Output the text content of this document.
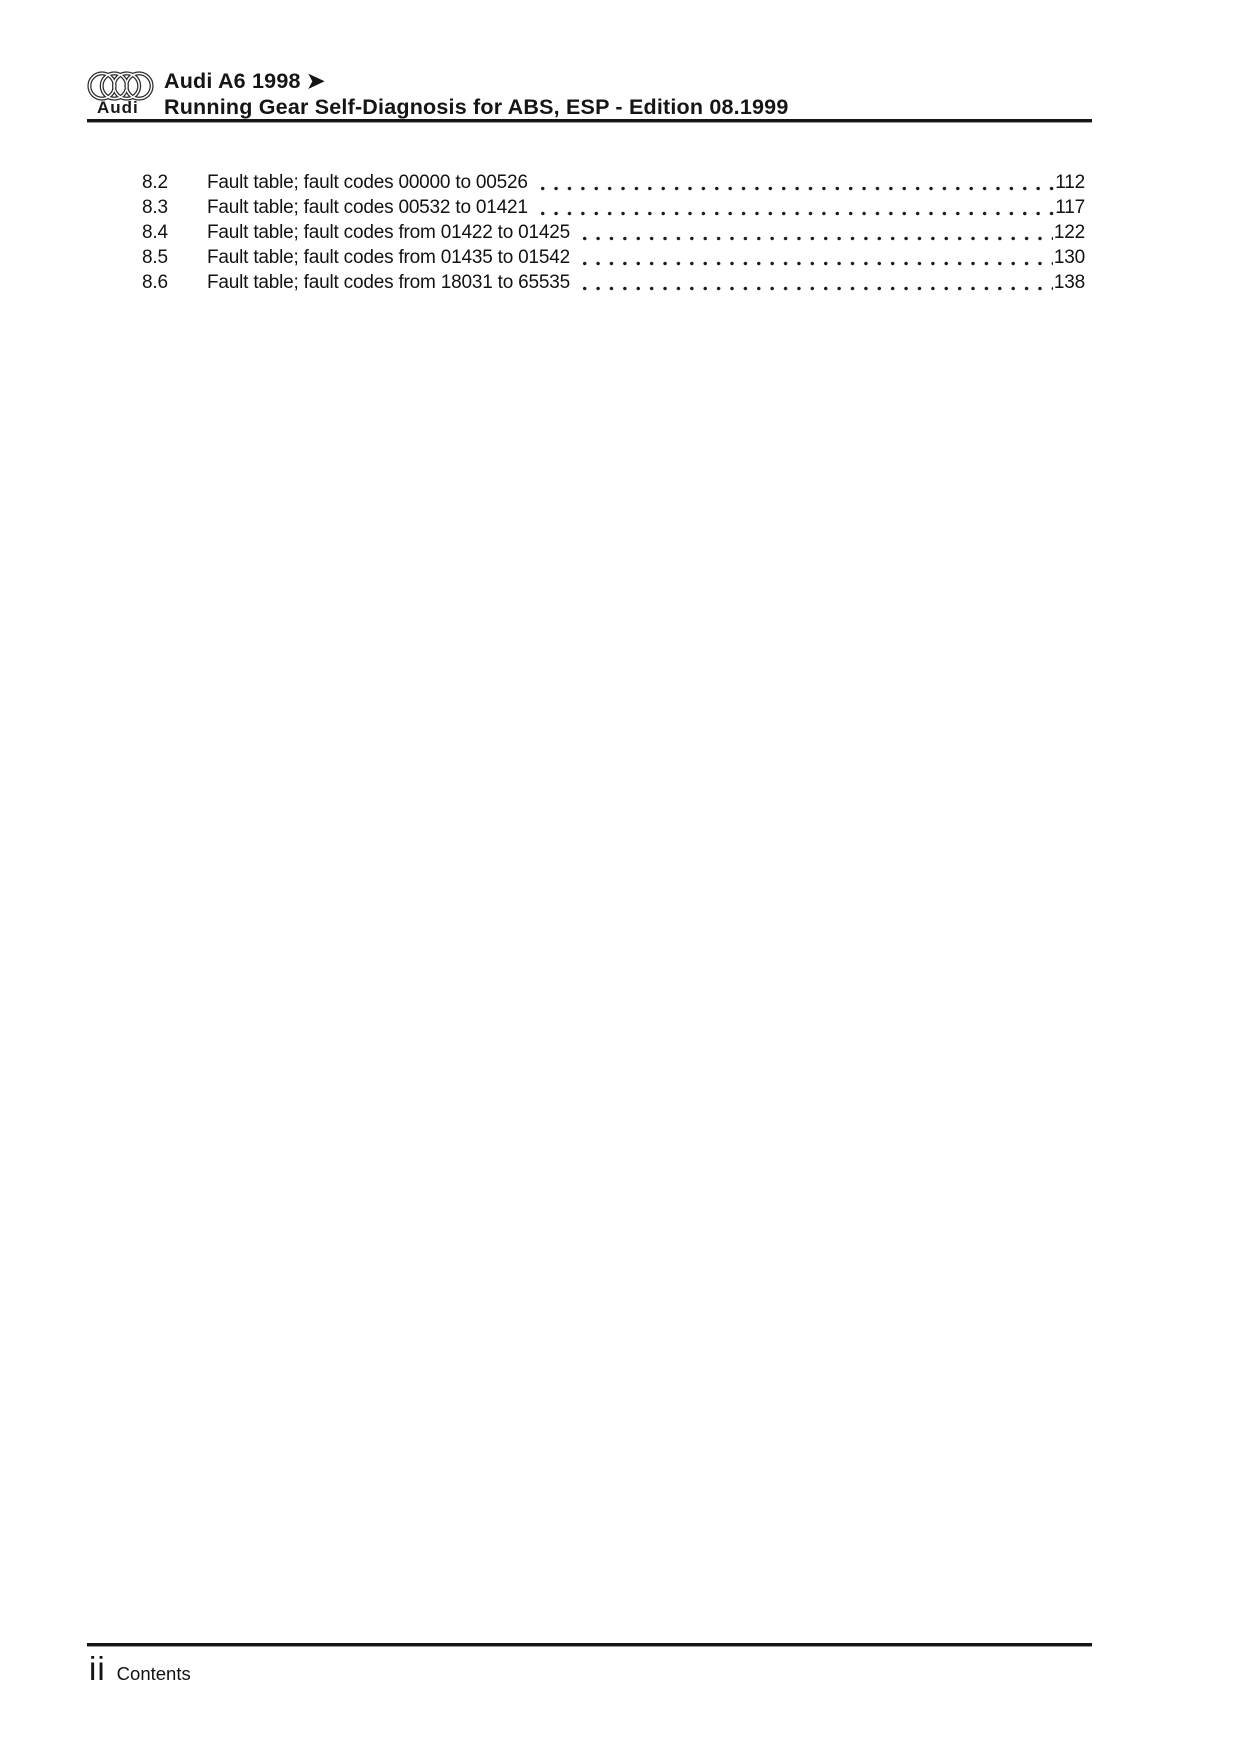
Audi
Audi A6 1998 ➤
Running Gear Self-Diagnosis for ABS, ESP - Edition 08.1999
8.2	Fault table; fault codes 00000 to 00526	112
8.3	Fault table; fault codes 00532 to 01421	117
8.4	Fault table; fault codes from 01422 to 01425	122
8.5	Fault table; fault codes from 01435 to 01542	130
8.6	Fault table; fault codes from 18031 to 65535	138
ii Contents
